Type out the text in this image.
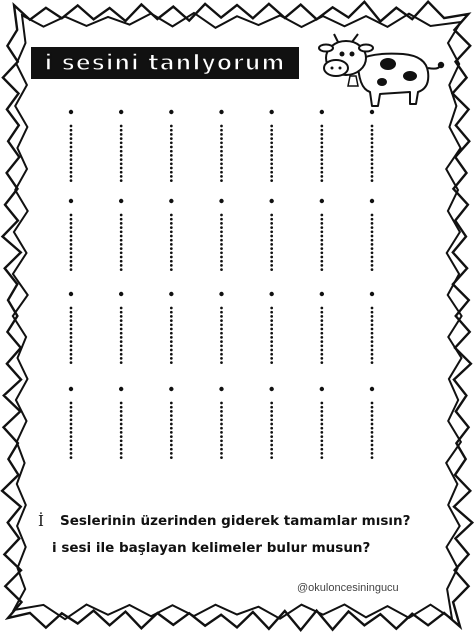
i sesini tanIyorum
İ Seslerinin üzerinden giderek tamamlar mısın?
i sesi ile başlayan kelimeler bulur musun?
@okuloncesiningucu
